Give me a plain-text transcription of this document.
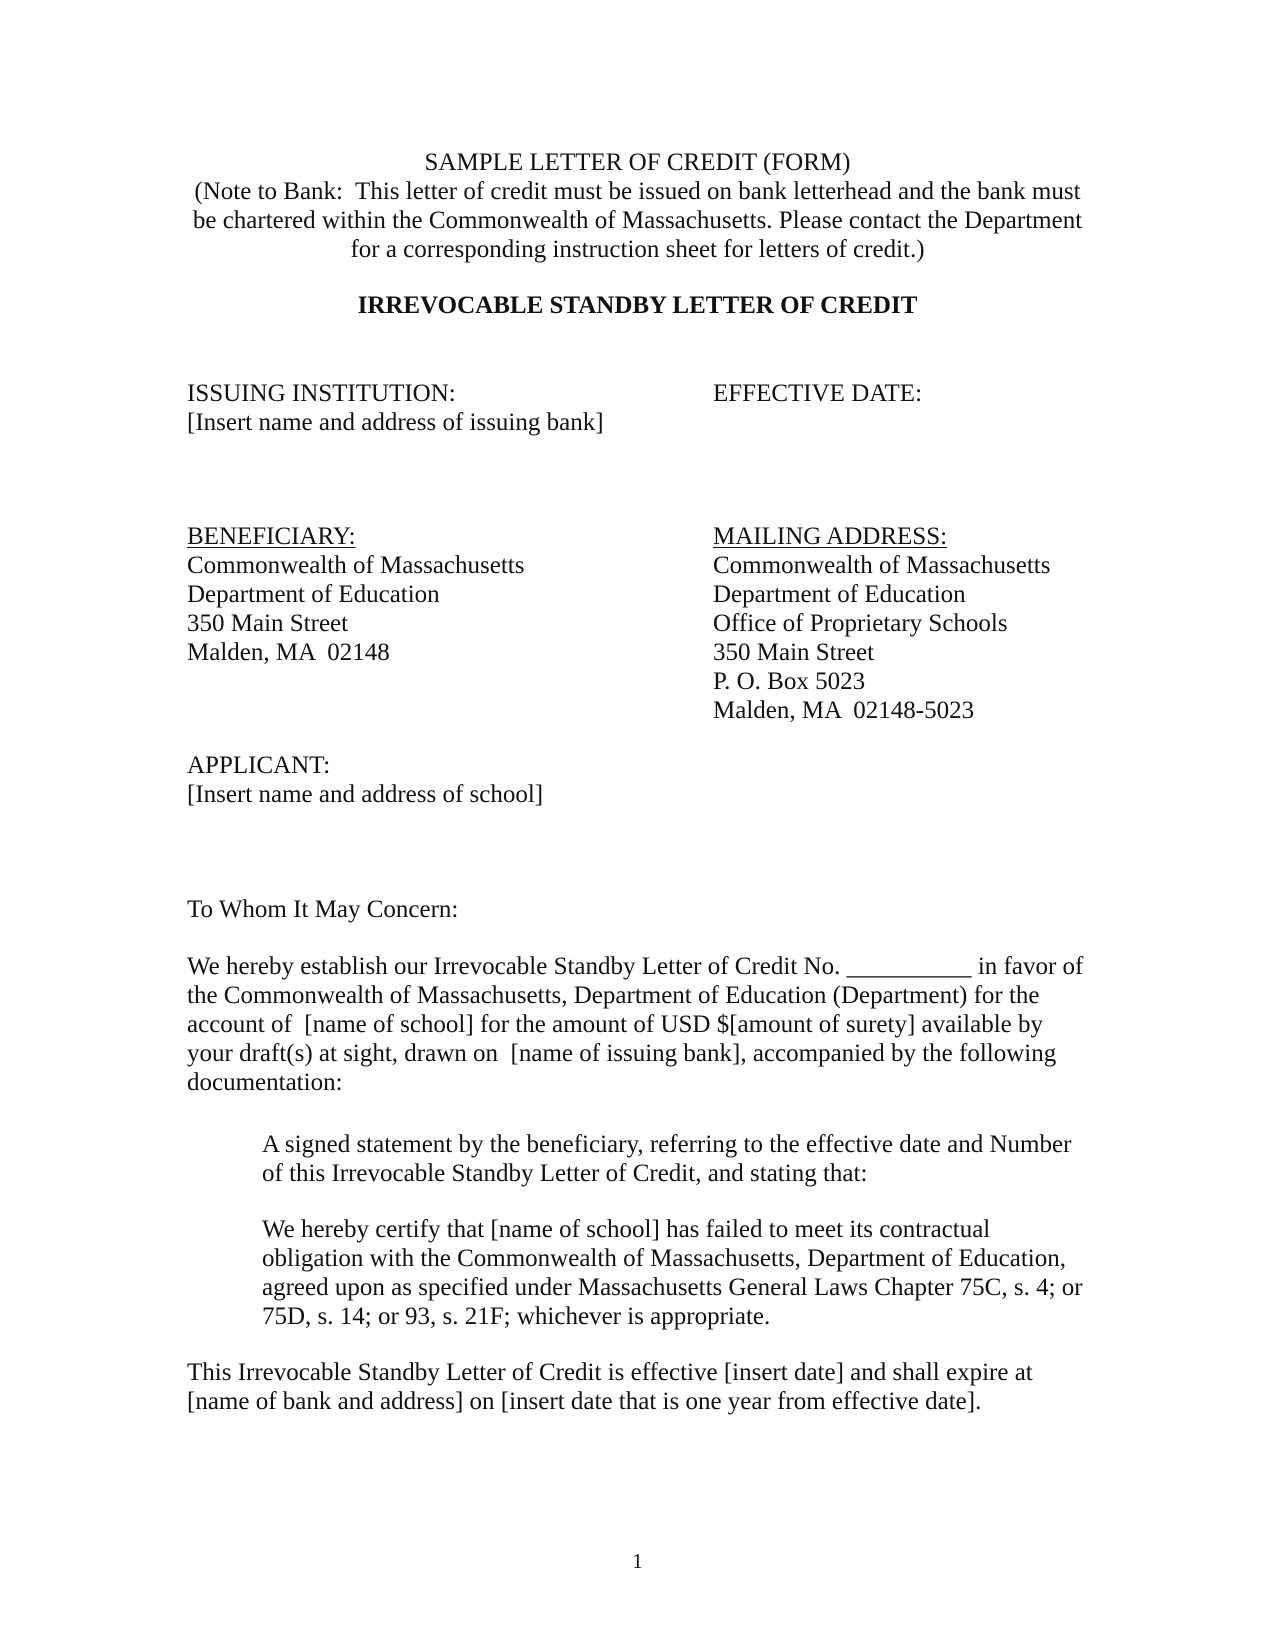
SAMPLE LETTER OF CREDIT (FORM)
(Note to Bank:  This letter of credit must be issued on bank letterhead and the bank must
be chartered within the Commonwealth of Massachusetts. Please contact the Department
for a corresponding instruction sheet for letters of credit.)
IRREVOCABLE STANDBY LETTER OF CREDIT
ISSUING INSTITUTION:
[Insert name and address of issuing bank]
EFFECTIVE DATE:
BENEFICIARY:
Commonwealth of Massachusetts
Department of Education
350 Main Street
Malden, MA  02148
MAILING ADDRESS:
Commonwealth of Massachusetts
Department of Education
Office of Proprietary Schools
350 Main Street
P. O. Box 5023
Malden, MA  02148-5023
APPLICANT:
[Insert name and address of school]
To Whom It May Concern:
We hereby establish our Irrevocable Standby Letter of Credit No. __________ in favor of
the Commonwealth of Massachusetts, Department of Education (Department) for the
account of  [name of school] for the amount of USD $[amount of surety] available by
your draft(s) at sight, drawn on  [name of issuing bank], accompanied by the following
documentation:
A signed statement by the beneficiary, referring to the effective date and Number
of this Irrevocable Standby Letter of Credit, and stating that:
We hereby certify that [name of school] has failed to meet its contractual
obligation with the Commonwealth of Massachusetts, Department of Education,
agreed upon as specified under Massachusetts General Laws Chapter 75C, s. 4; or
75D, s. 14; or 93, s. 21F; whichever is appropriate.
This Irrevocable Standby Letter of Credit is effective [insert date] and shall expire at
[name of bank and address] on [insert date that is one year from effective date].
1
